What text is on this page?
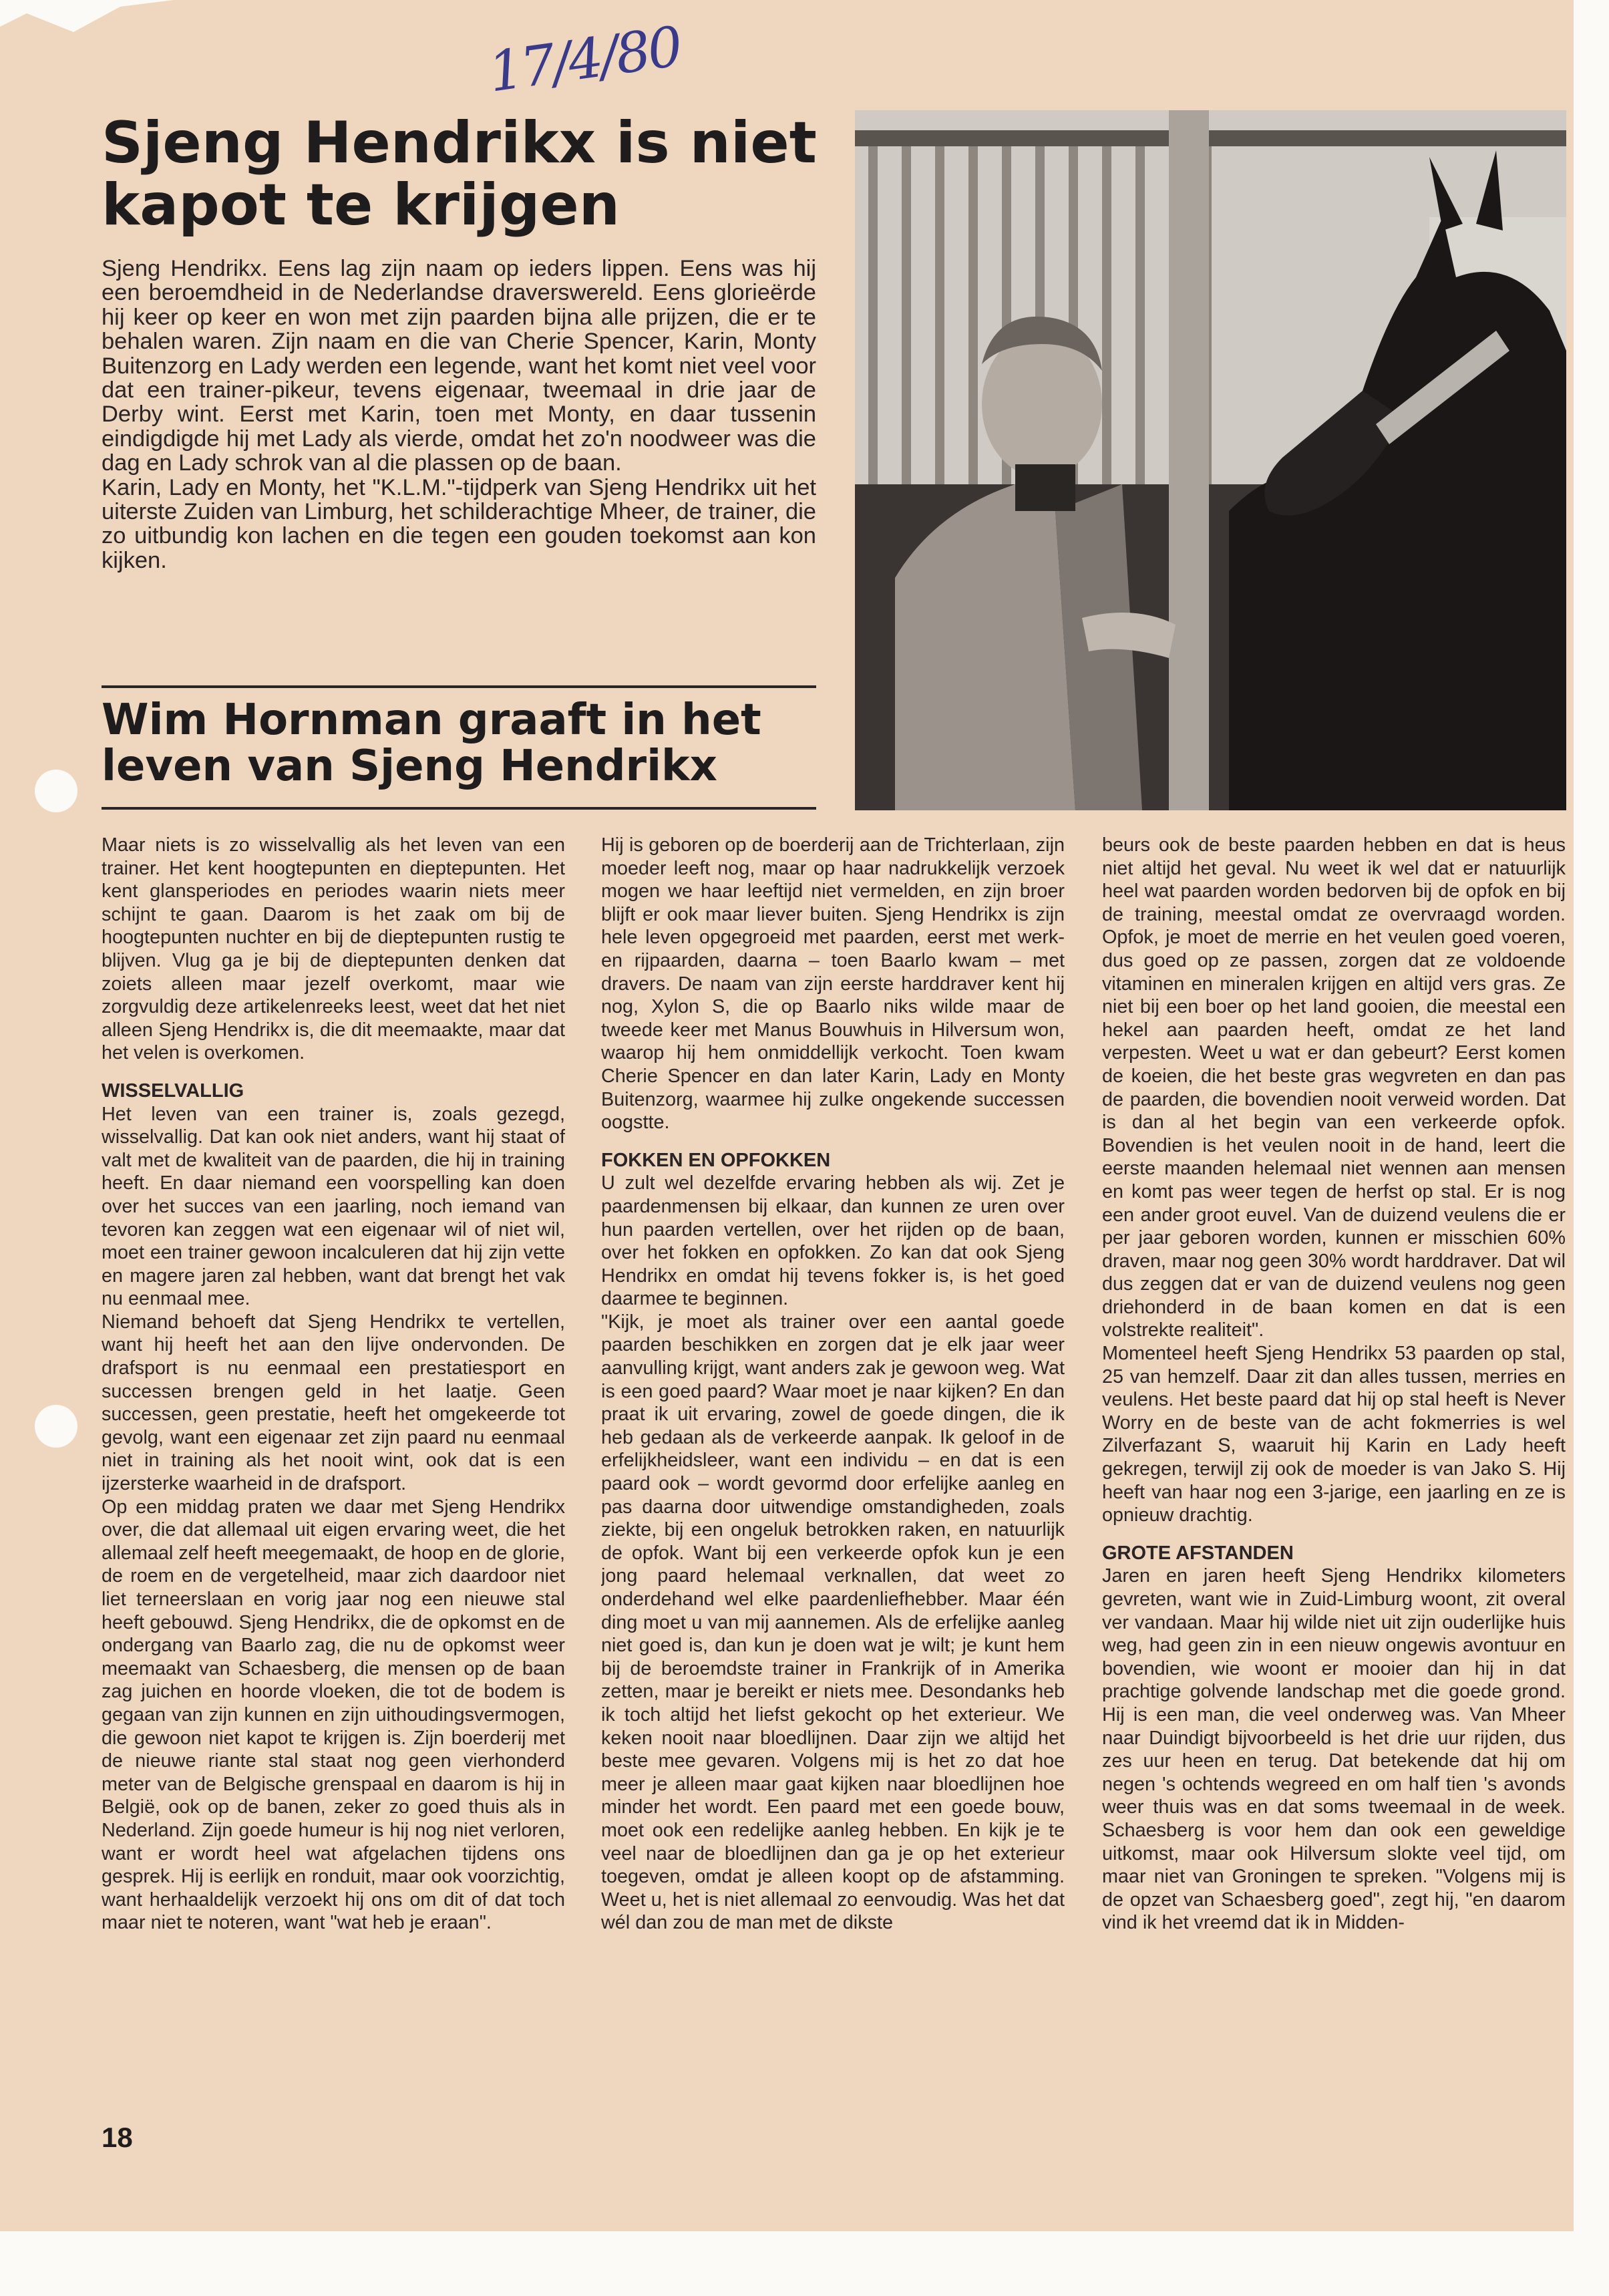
17/4/80
Sjeng Hendrikx is niet kapot te krijgen

Sjeng Hendrikx. Eens lag zijn naam op ieders lippen. Eens was hij een beroemdheid in de Nederlandse draverswereld. Eens glorieërde hij keer op keer en won met zijn paarden bijna alle prijzen, die er te behalen waren. Zijn naam en die van Cherie Spencer, Karin, Monty Buitenzorg en Lady werden een legende, want het komt niet veel voor dat een trainer-pikeur, tevens eigenaar, tweemaal in drie jaar de Derby wint. Eerst met Karin, toen met Monty, en daar tussenin eindigdigde hij met Lady als vierde, omdat het zo'n noodweer was die dag en Lady schrok van al die plassen op de baan.

Karin, Lady en Monty, het "K.L.M."-tijdperk van Sjeng Hendrikx uit het uiterste Zuiden van Limburg, het schilderachtige Mheer, de trainer, die zo uitbundig kon lachen en die tegen een gouden toekomst aan kon kijken.

Wim Hornman graaft in het leven van Sjeng Hendrikx

Maar niets is zo wisselvallig als het leven van een trainer. Het kent hoogtepunten en dieptepunten. Het kent glansperiodes en periodes waarin niets meer schijnt te gaan. Daarom is het zaak om bij de hoogtepunten nuchter en bij de dieptepunten rustig te blijven. Vlug ga je bij de dieptepunten denken dat zoiets alleen maar jezelf overkomt, maar wie zorgvuldig deze artikelenreeks leest, weet dat het niet alleen Sjeng Hendrikx is, die dit meemaakte, maar dat het velen is overkomen.

WISSELVALLIG

Het leven van een trainer is, zoals gezegd, wisselvallig. Dat kan ook niet anders, want hij staat of valt met de kwaliteit van de paarden, die hij in training heeft. En daar niemand een voorspelling kan doen over het succes van een jaarling, noch iemand van tevoren kan zeggen wat een eigenaar wil of niet wil, moet een trainer gewoon incalculeren dat hij zijn vette en magere jaren zal hebben, want dat brengt het vak nu eenmaal mee.

Niemand behoeft dat Sjeng Hendrikx te vertellen, want hij heeft het aan den lijve ondervonden. De drafsport is nu eenmaal een prestatiesport en successen brengen geld in het laatje. Geen successen, geen prestatie, heeft het omgekeerde tot gevolg, want een eigenaar zet zijn paard nu eenmaal niet in training als het nooit wint, ook dat is een ijzersterke waarheid in de drafsport.

Op een middag praten we daar met Sjeng Hendrikx over, die dat allemaal uit eigen ervaring weet, die het allemaal zelf heeft meegemaakt, de hoop en de glorie, de roem en de vergetelheid, maar zich daardoor niet liet terneerslaan en vorig jaar nog een nieuwe stal heeft gebouwd. Sjeng Hendrikx, die de opkomst en de ondergang van Baarlo zag, die nu de opkomst weer meemaakt van Schaesberg, die mensen op de baan zag juichen en hoorde vloeken, die tot de bodem is gegaan van zijn kunnen en zijn uithoudingsvermogen, die gewoon niet kapot te krijgen is. Zijn boerderij met de nieuwe riante stal staat nog geen vierhonderd meter van de Belgische grenspaal en daarom is hij in België, ook op de banen, zeker zo goed thuis als in Nederland. Zijn goede humeur is hij nog niet verloren, want er wordt heel wat afgelachen tijdens ons gesprek. Hij is eerlijk en ronduit, maar ook voorzichtig, want herhaaldelijk verzoekt hij ons om dit of dat toch maar niet te noteren, want "wat heb je eraan".

Hij is geboren op de boerderij aan de Trichterlaan, zijn moeder leeft nog, maar op haar nadrukkelijk verzoek mogen we haar leeftijd niet vermelden, en zijn broer blijft er ook maar liever buiten. Sjeng Hendrikx is zijn hele leven opgegroeid met paarden, eerst met werk- en rijpaarden, daarna – toen Baarlo kwam – met dravers. De naam van zijn eerste harddraver kent hij nog, Xylon S, die op Baarlo niks wilde maar de tweede keer met Manus Bouwhuis in Hilversum won, waarop hij hem onmiddellijk verkocht. Toen kwam Cherie Spencer en dan later Karin, Lady en Monty Buitenzorg, waarmee hij zulke ongekende successen oogstte.

FOKKEN EN OPFOKKEN

U zult wel dezelfde ervaring hebben als wij. Zet je paardenmensen bij elkaar, dan kunnen ze uren over hun paarden vertellen, over het rijden op de baan, over het fokken en opfokken. Zo kan dat ook Sjeng Hendrikx en omdat hij tevens fokker is, is het goed daarmee te beginnen.

"Kijk, je moet als trainer over een aantal goede paarden beschikken en zorgen dat je elk jaar weer aanvulling krijgt, want anders zak je gewoon weg. Wat is een goed paard? Waar moet je naar kijken? En dan praat ik uit ervaring, zowel de goede dingen, die ik heb gedaan als de verkeerde aanpak. Ik geloof in de erfelijkheidsleer, want een individu – en dat is een paard ook – wordt gevormd door erfelijke aanleg en pas daarna door uitwendige omstandigheden, zoals ziekte, bij een ongeluk betrokken raken, en natuurlijk de opfok. Want bij een verkeerde opfok kun je een jong paard helemaal verknallen, dat weet zo onderdehand wel elke paardenliefhebber. Maar één ding moet u van mij aannemen. Als de erfelijke aanleg niet goed is, dan kun je doen wat je wilt; je kunt hem bij de beroemdste trainer in Frankrijk of in Amerika zetten, maar je bereikt er niets mee. Desondanks heb ik toch altijd het liefst gekocht op het exterieur. We keken nooit naar bloedlijnen. Daar zijn we altijd het beste mee gevaren. Volgens mij is het zo dat hoe meer je alleen maar gaat kijken naar bloedlijnen hoe minder het wordt. Een paard met een goede bouw, moet ook een redelijke aanleg hebben. En kijk je te veel naar de bloedlijnen dan ga je op het exterieur toegeven, omdat je alleen koopt op de afstamming. Weet u, het is niet allemaal zo eenvoudig. Was het dat wél dan zou de man met de dikste

beurs ook de beste paarden hebben en dat is heus niet altijd het geval. Nu weet ik wel dat er natuurlijk heel wat paarden worden bedorven bij de opfok en bij de training, meestal omdat ze overvraagd worden. Opfok, je moet de merrie en het veulen goed voeren, dus goed op ze passen, zorgen dat ze voldoende vitaminen en mineralen krijgen en altijd vers gras. Ze niet bij een boer op het land gooien, die meestal een hekel aan paarden heeft, omdat ze het land verpesten. Weet u wat er dan gebeurt? Eerst komen de koeien, die het beste gras wegvreten en dan pas de paarden, die bovendien nooit verweid worden. Dat is dan al het begin van een verkeerde opfok. Bovendien is het veulen nooit in de hand, leert die eerste maanden helemaal niet wennen aan mensen en komt pas weer tegen de herfst op stal. Er is nog een ander groot euvel. Van de duizend veulens die er per jaar geboren worden, kunnen er misschien 60% draven, maar nog geen 30% wordt harddraver. Dat wil dus zeggen dat er van de duizend veulens nog geen driehonderd in de baan komen en dat is een volstrekte realiteit".

Momenteel heeft Sjeng Hendrikx 53 paarden op stal, 25 van hemzelf. Daar zit dan alles tussen, merries en veulens. Het beste paard dat hij op stal heeft is Never Worry en de beste van de acht fokmerries is wel Zilverfazant S, waaruit hij Karin en Lady heeft gekregen, terwijl zij ook de moeder is van Jako S. Hij heeft van haar nog een 3-jarige, een jaarling en ze is opnieuw drachtig.

GROTE AFSTANDEN

Jaren en jaren heeft Sjeng Hendrikx kilometers gevreten, want wie in Zuid-Limburg woont, zit overal ver vandaan. Maar hij wilde niet uit zijn ouderlijke huis weg, had geen zin in een nieuw ongewis avontuur en bovendien, wie woont er mooier dan hij in dat prachtige golvende landschap met die goede grond. Hij is een man, die veel onderweg was. Van Mheer naar Duindigt bijvoorbeeld is het drie uur rijden, dus zes uur heen en terug. Dat betekende dat hij om negen 's ochtends wegreed en om half tien 's avonds weer thuis was en dat soms tweemaal in de week. Schaesberg is voor hem dan ook een geweldige uitkomst, maar ook Hilversum slokte veel tijd, om maar niet van Groningen te spreken. "Volgens mij is de opzet van Schaesberg goed", zegt hij, "en daarom vind ik het vreemd dat ik in Midden-

18
